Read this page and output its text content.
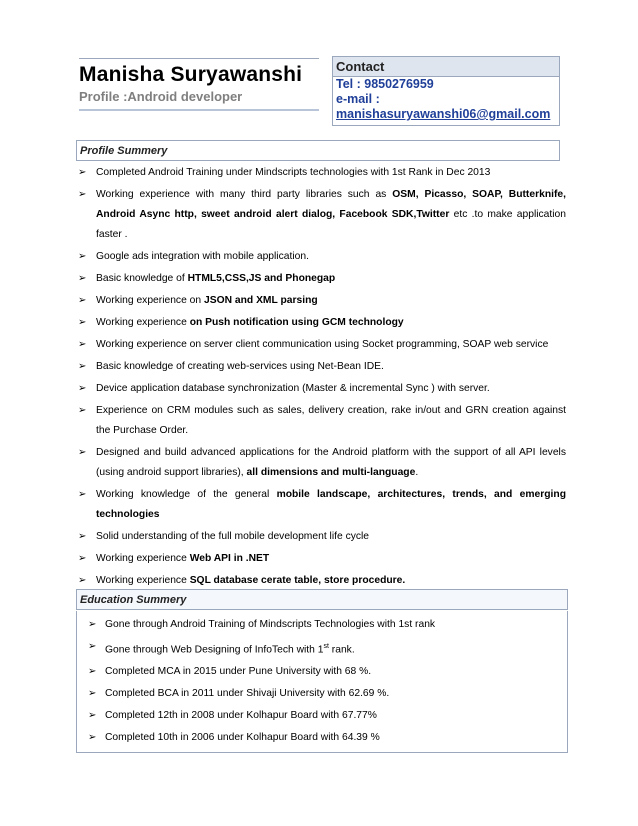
Manisha Suryawanshi
Profile :Android developer
Contact
Tel : 9850276959
e-mail :
manishasuryawanshi06@gmail.com
Profile Summery
➢ Completed Android Training under Mindscripts technologies with 1st Rank in Dec 2013
➢ Working experience with many third party libraries such as OSM, Picasso, SOAP, Butterknife, Android Async http, sweet android alert dialog, Facebook SDK,Twitter etc .to make application faster .
➢ Google ads integration with mobile application.
➢ Basic knowledge of HTML5,CSS,JS and Phonegap
➢ Working experience on JSON and XML parsing
➢ Working experience on Push notification using GCM technology
➢ Working experience on server client communication using Socket programming, SOAP web service
➢ Basic knowledge of creating web-services using Net-Bean IDE.
➢ Device application database synchronization (Master & incremental Sync ) with server.
➢ Experience on CRM modules such as sales, delivery creation, rake in/out and GRN creation against the Purchase Order.
➢ Designed and build advanced applications for the Android platform with the support of all API levels (using android support libraries), all dimensions and multi-language.
➢ Working knowledge of the general mobile landscape, architectures, trends, and emerging technologies
➢ Solid understanding of the full mobile development life cycle
➢ Working experience Web API in .NET
➢ Working experience SQL database cerate table, store procedure.
Education Summery
➢ Gone through Android Training of Mindscripts Technologies with 1st rank
➢ Gone through Web Designing of InfoTech with 1st rank.
➢ Completed MCA in 2015 under Pune University with 68 %.
➢ Completed BCA in 2011 under Shivaji University with 62.69 %.
➢ Completed 12th in 2008 under Kolhapur Board with 67.77%
➢ Completed 10th in 2006 under Kolhapur Board with 64.39 %
